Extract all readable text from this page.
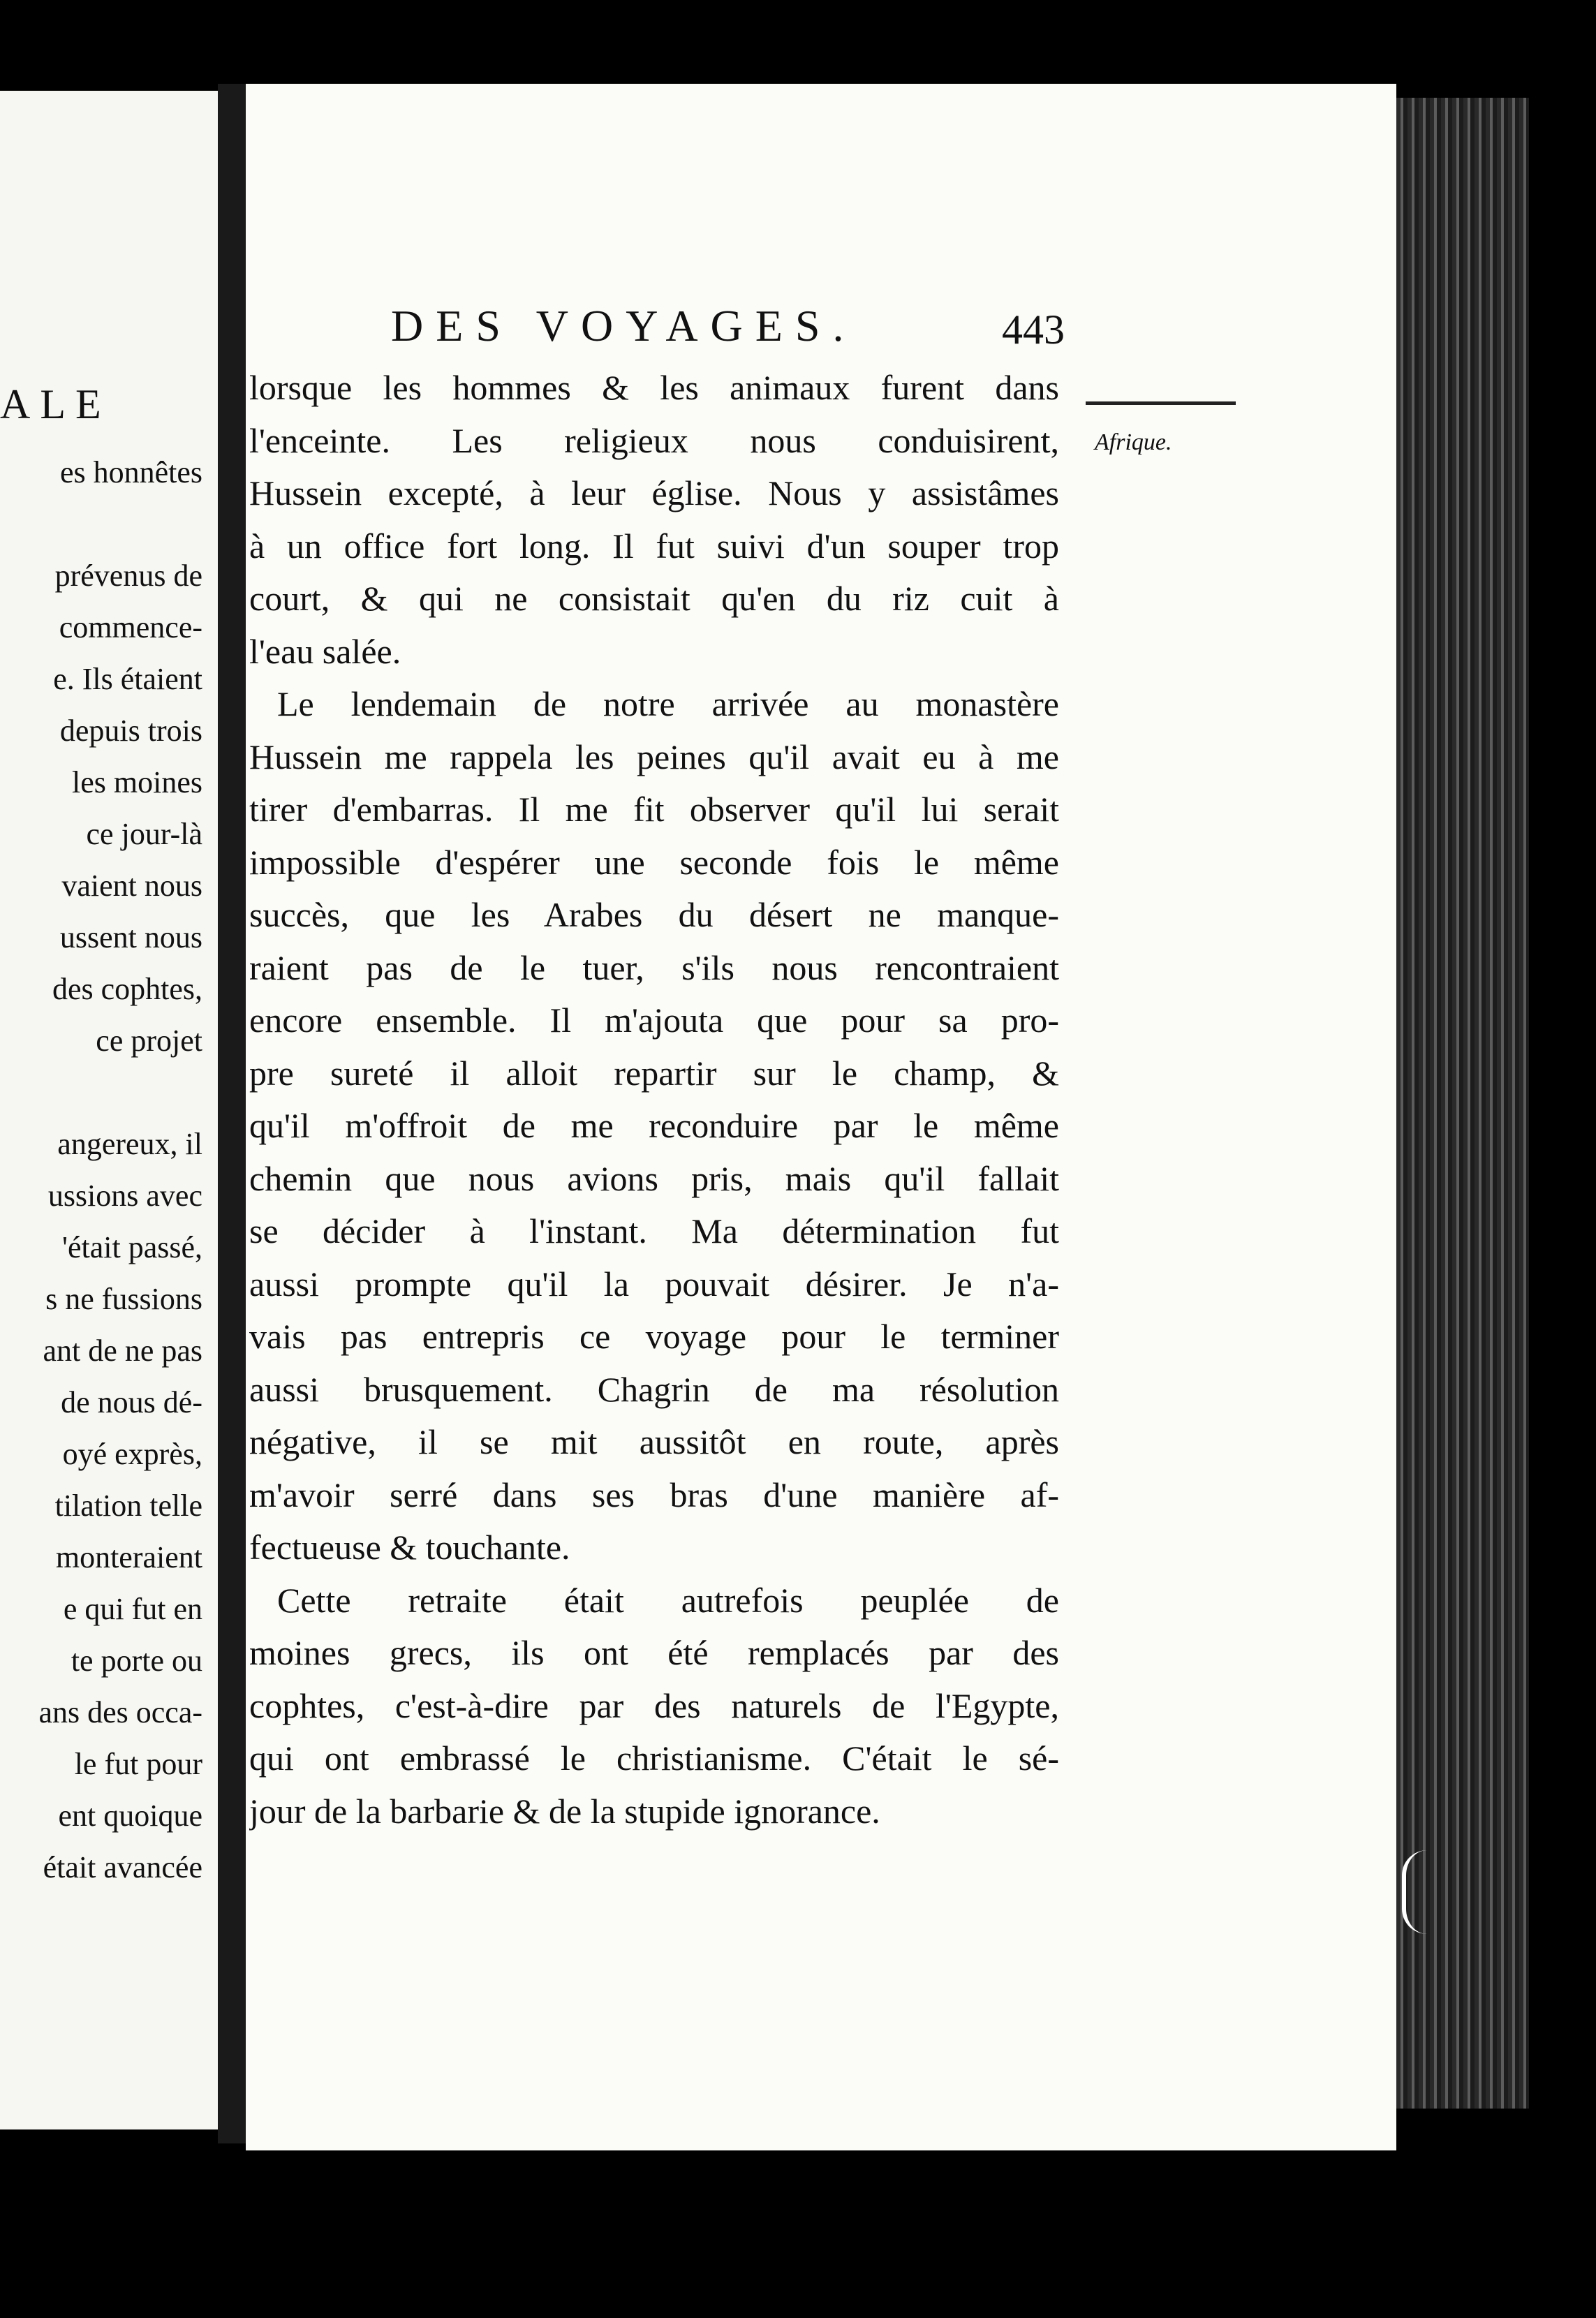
ALE
es honnêtes
prévenus de
commence-
e. Ils étaient
depuis trois
les moines
ce jour-là
vaient nous
ussent nous
des cophtes,
ce projet
angereux, il
ussions avec
'était passé,
s ne fussions
ant de ne pas
de nous dé-
oyé exprès,
tilation telle
monteraient
e qui fut en
te porte ou
ans des occa-
le fut pour
ent quoique
était avancée
DES VOYAGES.	443
Afrique.
lorsque les hommes & les animaux furent dans
l'enceinte. Les religieux nous conduisirent,
Hussein excepté, à leur église. Nous y assistâmes
à un office fort long. Il fut suivi d'un souper trop
court, & qui ne consistait qu'en du riz cuit à
l'eau salée.
Le lendemain de notre arrivée au monastère
Hussein me rappela les peines qu'il avait eu à me
tirer d'embarras. Il me fit observer qu'il lui serait
impossible d'espérer une seconde fois le même
succès, que les Arabes du désert ne manque-
raient pas de le tuer, s'ils nous rencontraient
encore ensemble. Il m'ajouta que pour sa pro-
pre sureté il alloit repartir sur le champ, &
qu'il m'offroit de me reconduire par le même
chemin que nous avions pris, mais qu'il fallait
se décider à l'instant. Ma détermination fut
aussi prompte qu'il la pouvait désirer. Je n'a-
vais pas entrepris ce voyage pour le terminer
aussi brusquement. Chagrin de ma résolution
négative, il se mit aussitôt en route, après
m'avoir serré dans ses bras d'une manière af-
fectueuse & touchante.
Cette retraite était autrefois peuplée de
moines grecs, ils ont été remplacés par des
cophtes, c'est-à-dire par des naturels de l'Egypte,
qui ont embrassé le christianisme. C'était le sé-
jour de la barbarie & de la stupide ignorance.
